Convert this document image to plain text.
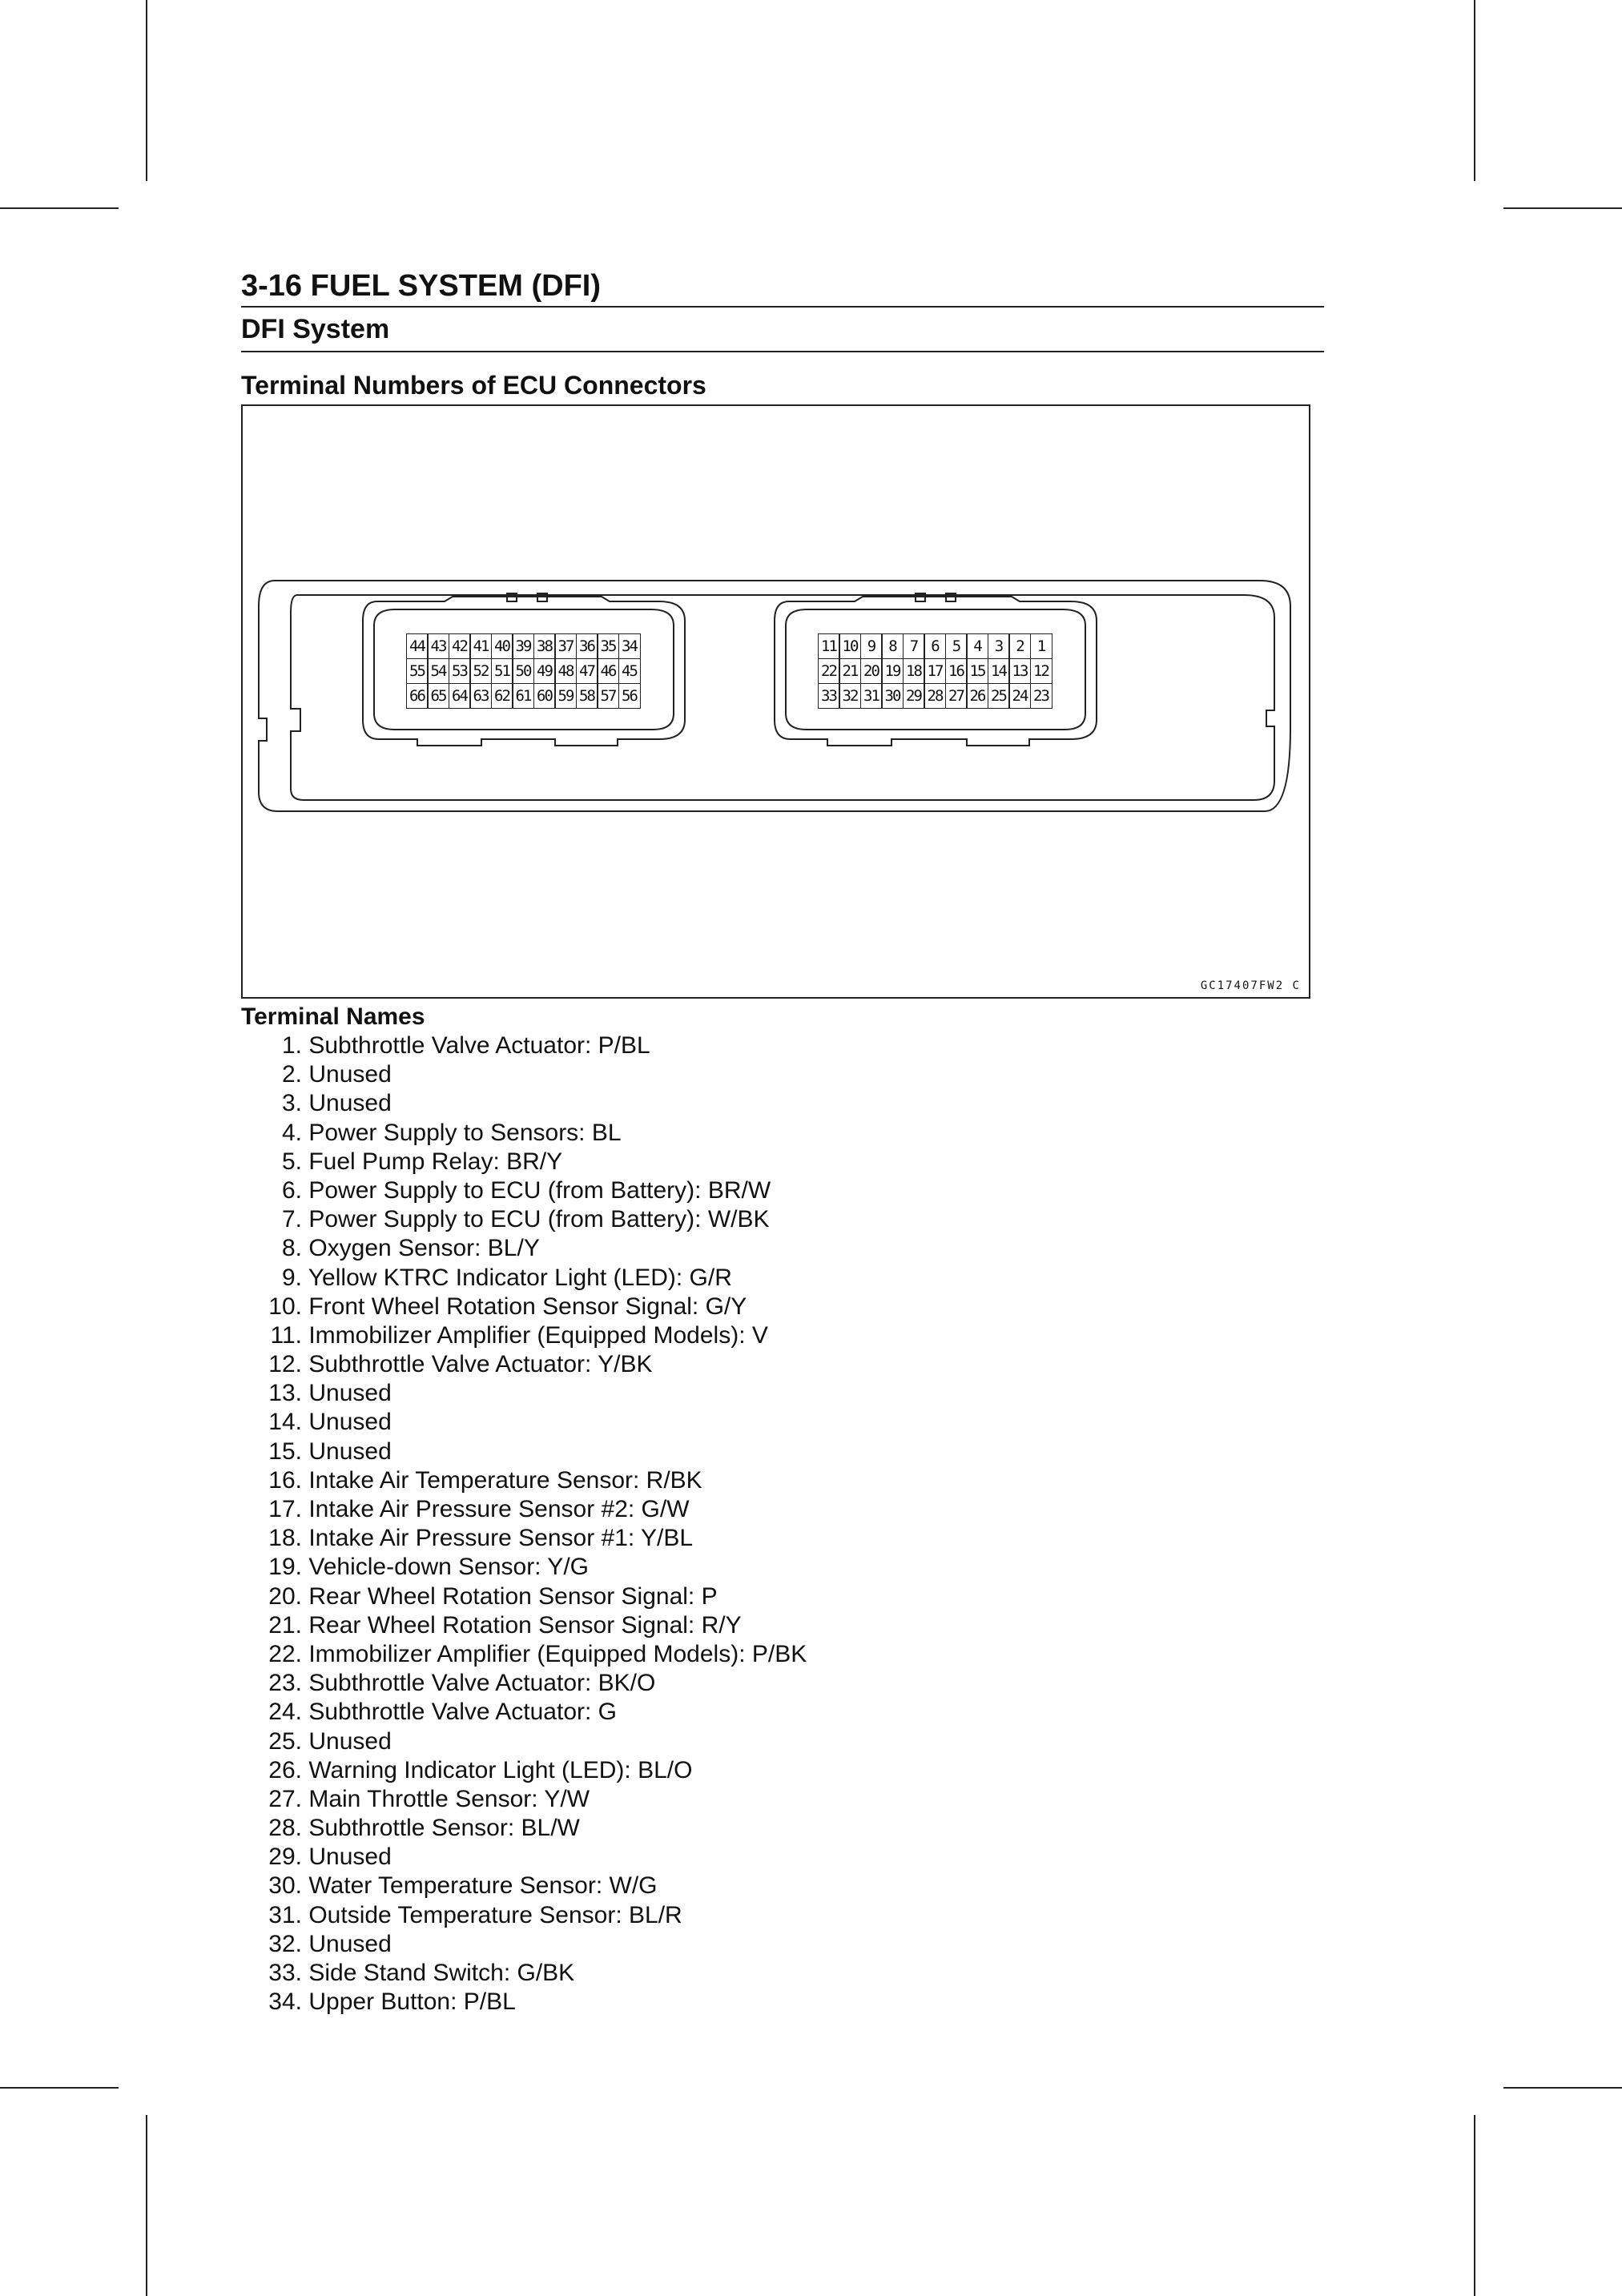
3-16 FUEL SYSTEM (DFI)
DFI System
Terminal Numbers of ECU Connectors
44 43 42 41 40 39 38 37 36 35 34
55 54 53 52 51 50 49 48 47 46 45
66 65 64 63 62 61 60 59 58 57 56
11 10 9 8 7 6 5 4 3 2 1
22 21 20 19 18 17 16 15 14 13 12
33 32 31 30 29 28 27 26 25 24 23
GC17407FW2 C
Terminal Names
1. Subthrottle Valve Actuator: P/BL
2. Unused
3. Unused
4. Power Supply to Sensors: BL
5. Fuel Pump Relay: BR/Y
6. Power Supply to ECU (from Battery): BR/W
7. Power Supply to ECU (from Battery): W/BK
8. Oxygen Sensor: BL/Y
9. Yellow KTRC Indicator Light (LED): G/R
10. Front Wheel Rotation Sensor Signal: G/Y
11. Immobilizer Amplifier (Equipped Models): V
12. Subthrottle Valve Actuator: Y/BK
13. Unused
14. Unused
15. Unused
16. Intake Air Temperature Sensor: R/BK
17. Intake Air Pressure Sensor #2: G/W
18. Intake Air Pressure Sensor #1: Y/BL
19. Vehicle-down Sensor: Y/G
20. Rear Wheel Rotation Sensor Signal: P
21. Rear Wheel Rotation Sensor Signal: R/Y
22. Immobilizer Amplifier (Equipped Models): P/BK
23. Subthrottle Valve Actuator: BK/O
24. Subthrottle Valve Actuator: G
25. Unused
26. Warning Indicator Light (LED): BL/O
27. Main Throttle Sensor: Y/W
28. Subthrottle Sensor: BL/W
29. Unused
30. Water Temperature Sensor: W/G
31. Outside Temperature Sensor: BL/R
32. Unused
33. Side Stand Switch: G/BK
34. Upper Button: P/BL
